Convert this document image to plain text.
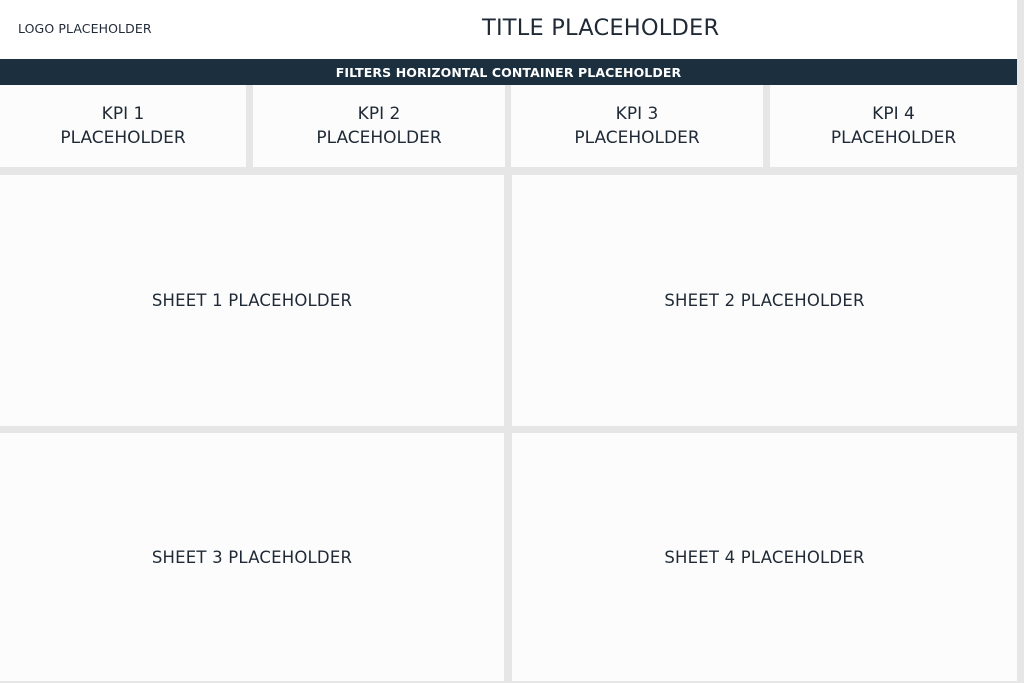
LOGO PLACEHOLDER	TITLE PLACEHOLDER
FILTERS HORIZONTAL CONTAINER PLACEHOLDER
KPI 1
PLACEHOLDER
KPI 2
PLACEHOLDER
KPI 3
PLACEHOLDER
KPI 4
PLACEHOLDER
SHEET 1 PLACEHOLDER	SHEET 2 PLACEHOLDER
SHEET 3 PLACEHOLDER	SHEET 4 PLACEHOLDER
